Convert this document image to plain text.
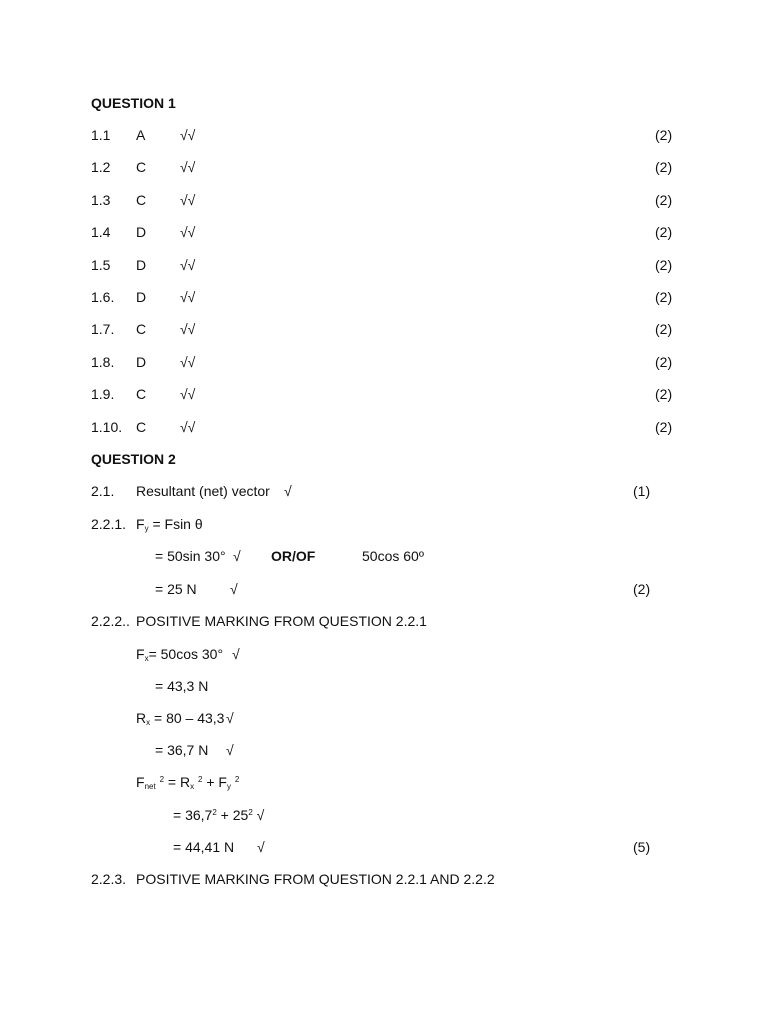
QUESTION 1
1.1 A √√	(2)
1.2 C √√	(2)
1.3 C √√	(2)
1.4 D √√	(2)
1.5 D √√	(2)
1.6. D √√	(2)
1.7. C √√	(2)
1.8. D √√	(2)
1.9. C √√	(2)
1.10. C √√	(2)
QUESTION 2
2.1. Resultant (net) vector √	(1)
2.2.1. $F_y = Fsin$ θ
= 50sin 30° √ OR/OF	50cos 60º
= 25 N √	(2)
2.2.2.. POSITIVE MARKING FROM QUESTION 2.2.1
$F_x= 50\cos$ 30° √
= 43,3 N
$R_x = 80 - 43,3$ √
= 36,7 N √
$F_{net}$ $^2 = R_x$ $^2 + F_y$ $^2$
= $36,7^2 + 25^2$ √
= 44,41 N √	(5)
2.2.3. POSITIVE MARKING FROM QUESTION 2.2.1 AND 2.2.2
